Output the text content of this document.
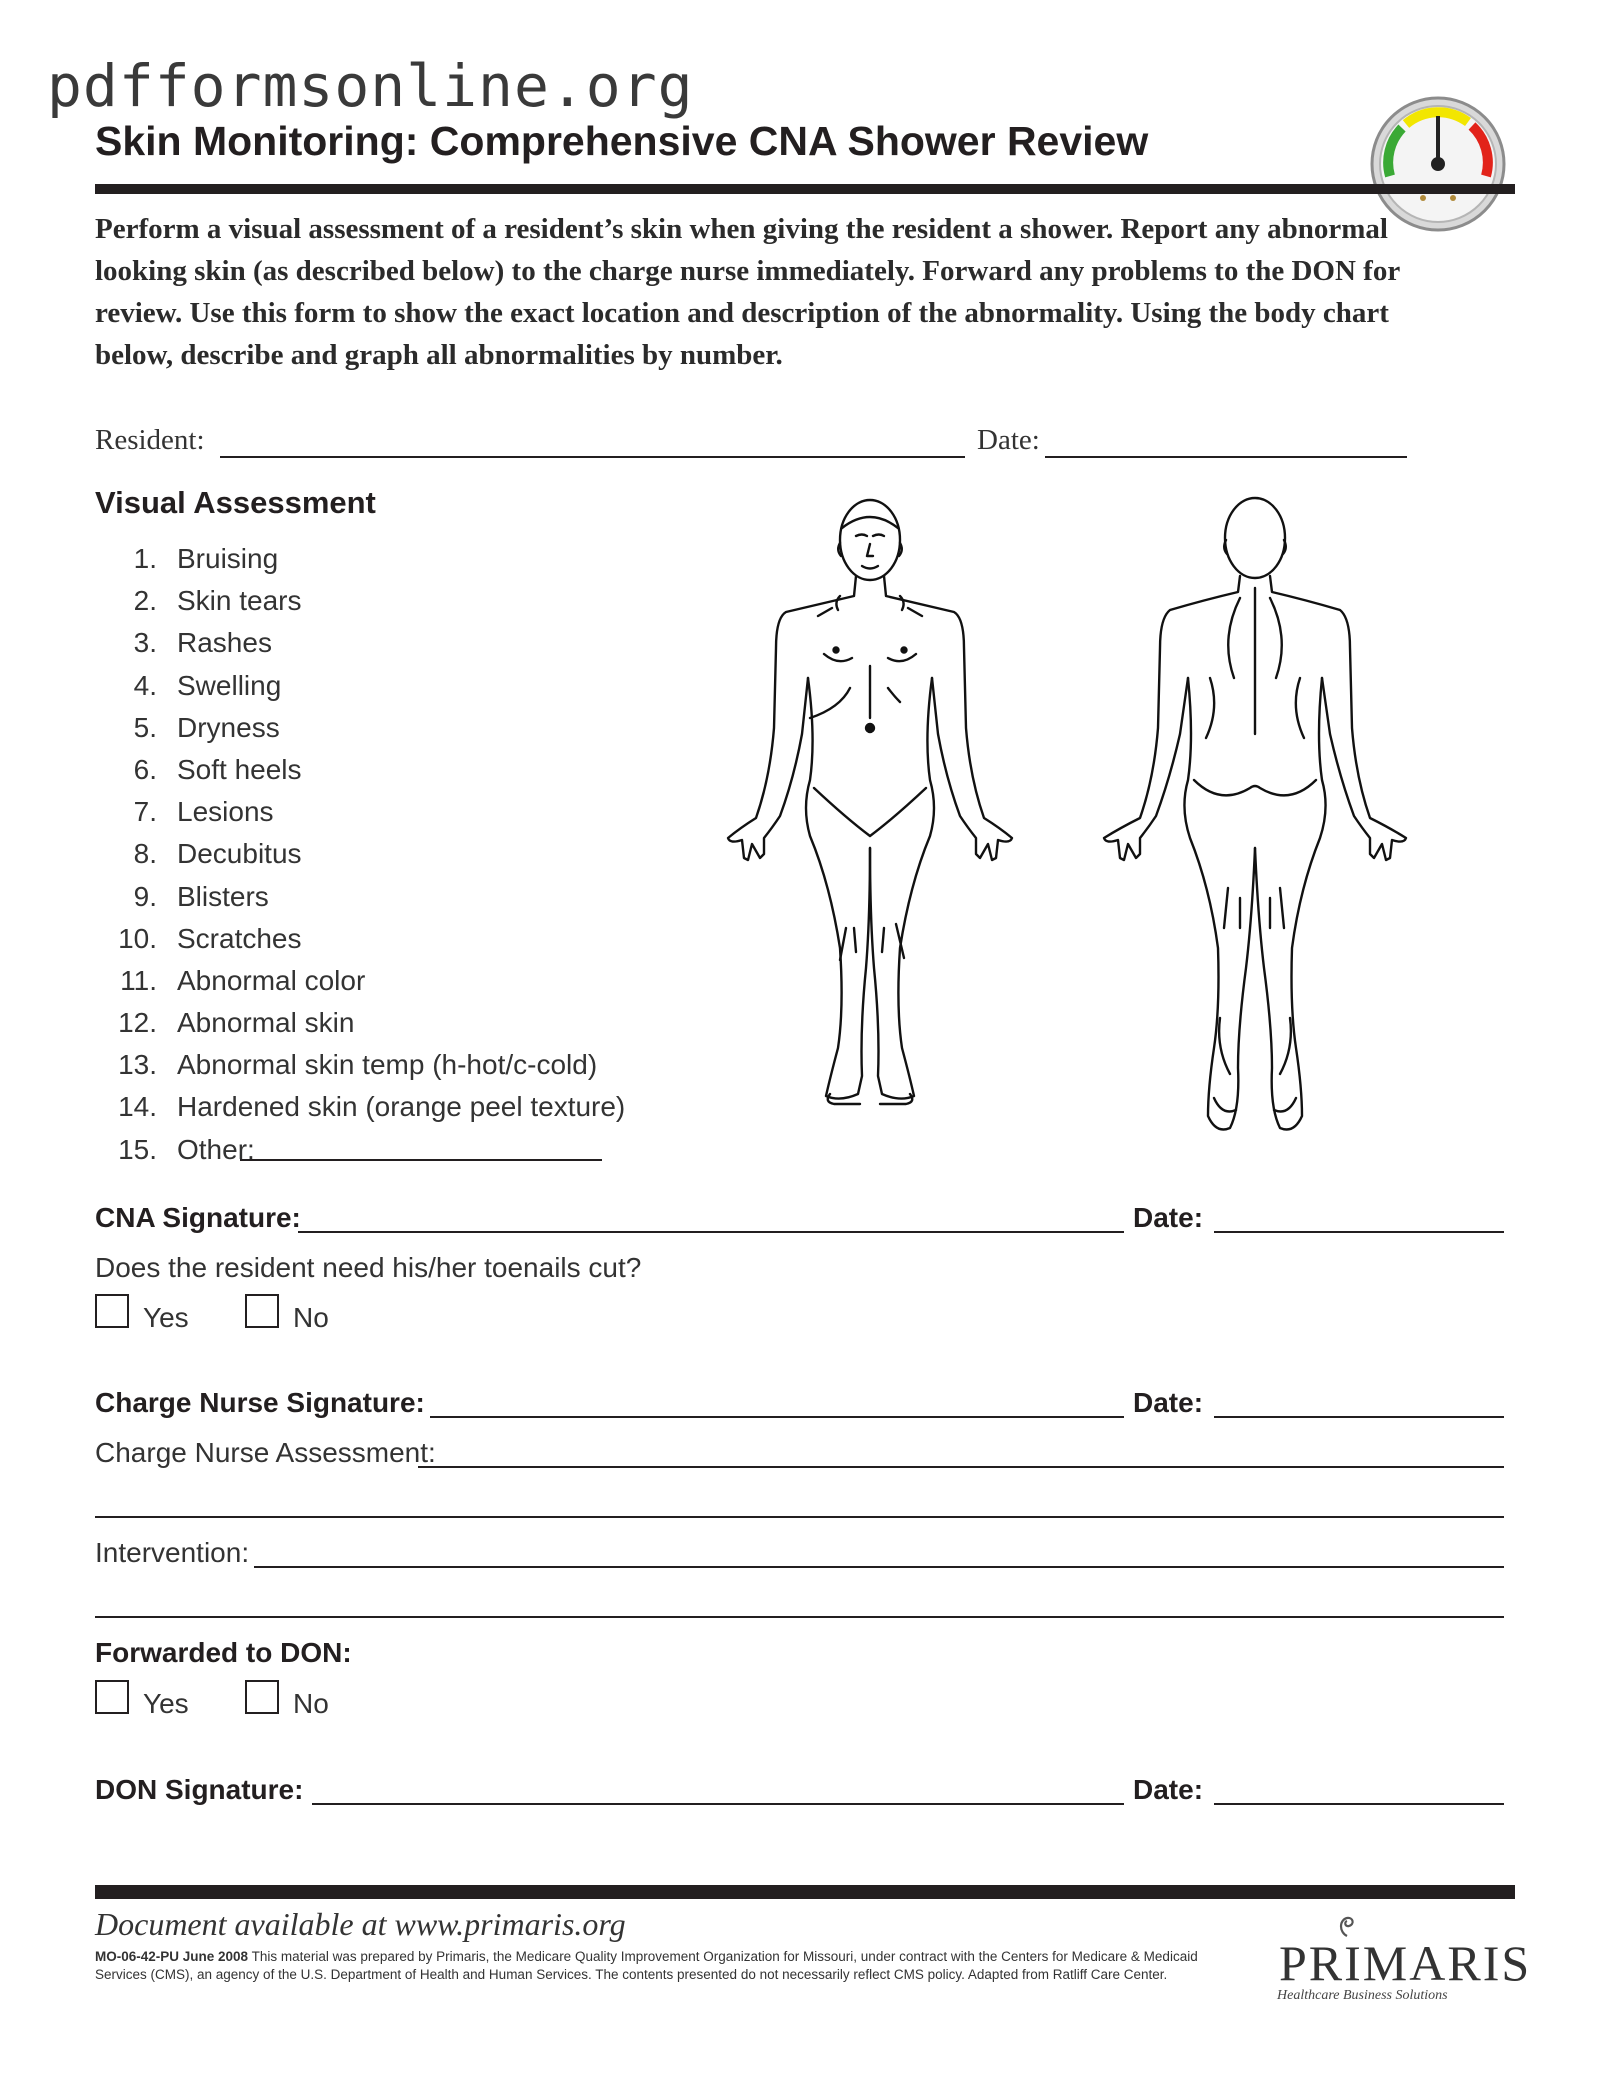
pdfformsonline.org
Skin Monitoring: Comprehensive CNA Shower Review

Perform a visual assessment of a resident’s skin when giving the resident a shower. Report any abnormal looking skin (as described below) to the charge nurse immediately. Forward any problems to the DON for review. Use this form to show the exact location and description of the abnormality. Using the body chart below, describe and graph all abnormalities by number.

Resident:	Date:
Visual Assessment
1. Bruising
2. Skin tears
3. Rashes
4. Swelling
5. Dryness
6. Soft heels
7. Lesions
8. Decubitus
9. Blisters
10. Scratches
11. Abnormal color
12. Abnormal skin
13. Abnormal skin temp (h-hot/c-cold)
14. Hardened skin (orange peel texture)
15. Other:
CNA Signature:	Date:
Does the resident need his/her toenails cut?
Yes	No
Charge Nurse Signature:	Date:
Charge Nurse Assessment:
Intervention:
Forwarded to DON:
Yes	No
DON Signature:	Date:
Document available at www.primaris.org

MO-06-42-PU June 2008 This material was prepared by Primaris, the Medicare Quality Improvement Organization for Missouri, under contract with the Centers for Medicare & Medicaid Services (CMS), an agency of the U.S. Department of Health and Human Services. The contents presented do not necessarily reflect CMS policy. Adapted from Ratliff Care Center.	PRIMARIS
Healthcare Business Solutions
